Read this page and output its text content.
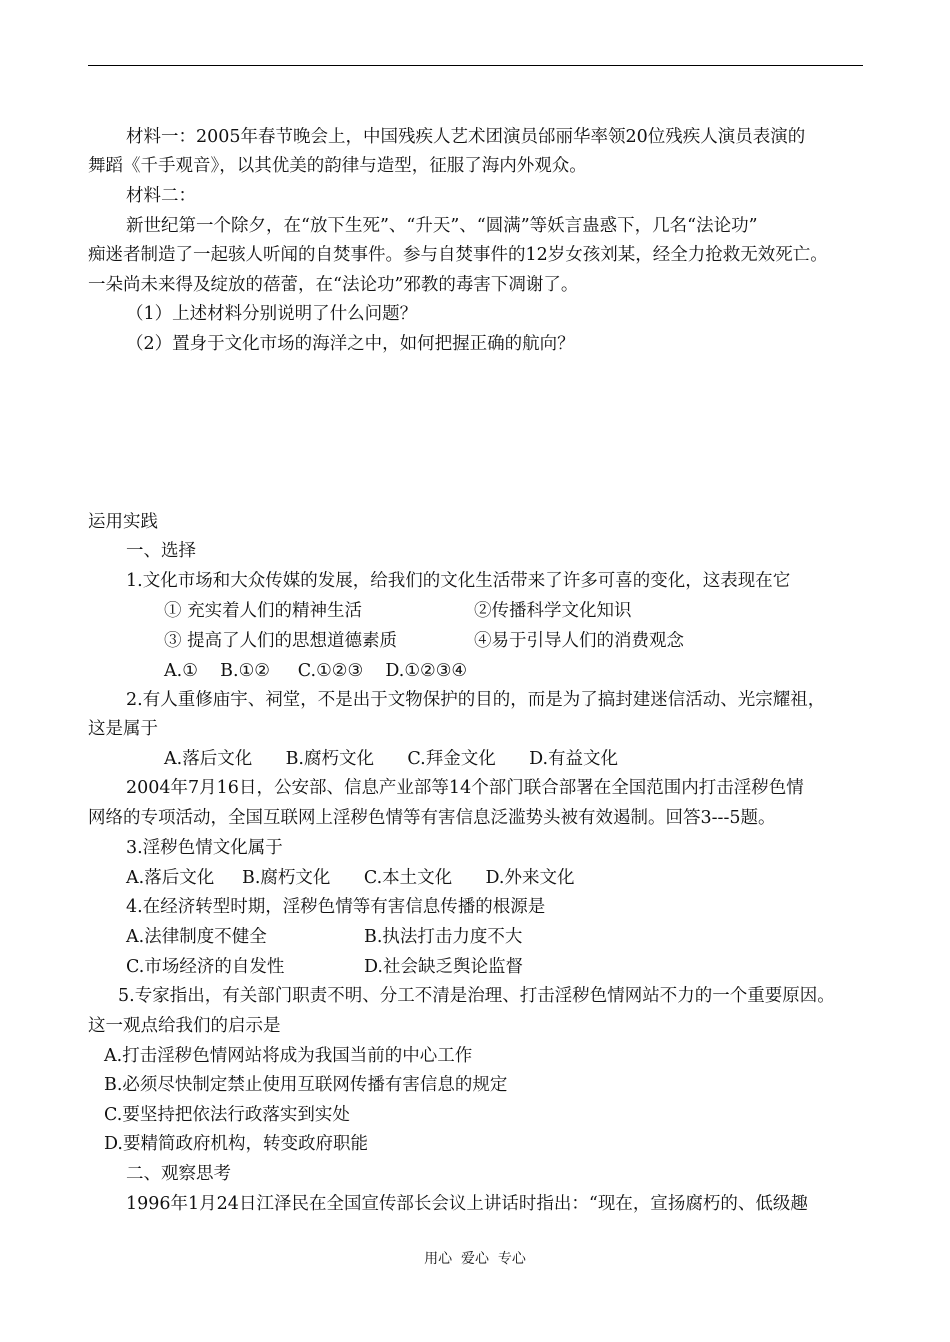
材料一：2005年春节晚会上，中国残疾人艺术团演员邰丽华率领20位残疾人演员表演的
舞蹈《千手观音》，以其优美的韵律与造型，征服了海内外观众。
材料二：
新世纪第一个除夕，在“放下生死”、“升天”、“圆满”等妖言蛊惑下，几名“法论功”
痴迷者制造了一起骇人听闻的自焚事件。参与自焚事件的12岁女孩刘某，经全力抢救无效死亡。
一朵尚未来得及绽放的蓓蕾，在“法论功”邪教的毒害下凋谢了。
（1）上述材料分别说明了什么问题？
（2）置身于文化市场的海洋之中，如何把握正确的航向？
运用实践
一、选择
1.文化市场和大众传媒的发展，给我们的文化生活带来了许多可喜的变化，这表现在它
① 充实着人们的精神生活	②传播科学文化知识
③ 提高了人们的思想道德素质	④易于引导人们的消费观念
A.①    B.①②     C.①②③    D.①②③④
2.有人重修庙宇、祠堂，不是出于文物保护的目的，而是为了搞封建迷信活动、光宗耀祖，
这是属于
A.落后文化      B.腐朽文化      C.拜金文化      D.有益文化
2004年7月16日，公安部、信息产业部等14个部门联合部署在全国范围内打击淫秽色情
网络的专项活动，全国互联网上淫秽色情等有害信息泛滥势头被有效遏制。回答3---5题。
3.淫秽色情文化属于
A.落后文化     B.腐朽文化      C.本土文化      D.外来文化
4.在经济转型时期，淫秽色情等有害信息传播的根源是
A.法律制度不健全	B.执法打击力度不大
C.市场经济的自发性	D.社会缺乏舆论监督
5.专家指出，有关部门职责不明、分工不清是治理、打击淫秽色情网站不力的一个重要原因。
这一观点给我们的启示是
A.打击淫秽色情网站将成为我国当前的中心工作
B.必须尽快制定禁止使用互联网传播有害信息的规定
C.要坚持把依法行政落实到实处
D.要精简政府机构，转变政府职能
二、观察思考
1996年1月24日江泽民在全国宣传部长会议上讲话时指出：“现在，宣扬腐朽的、低级趣
用心  爱心  专心
